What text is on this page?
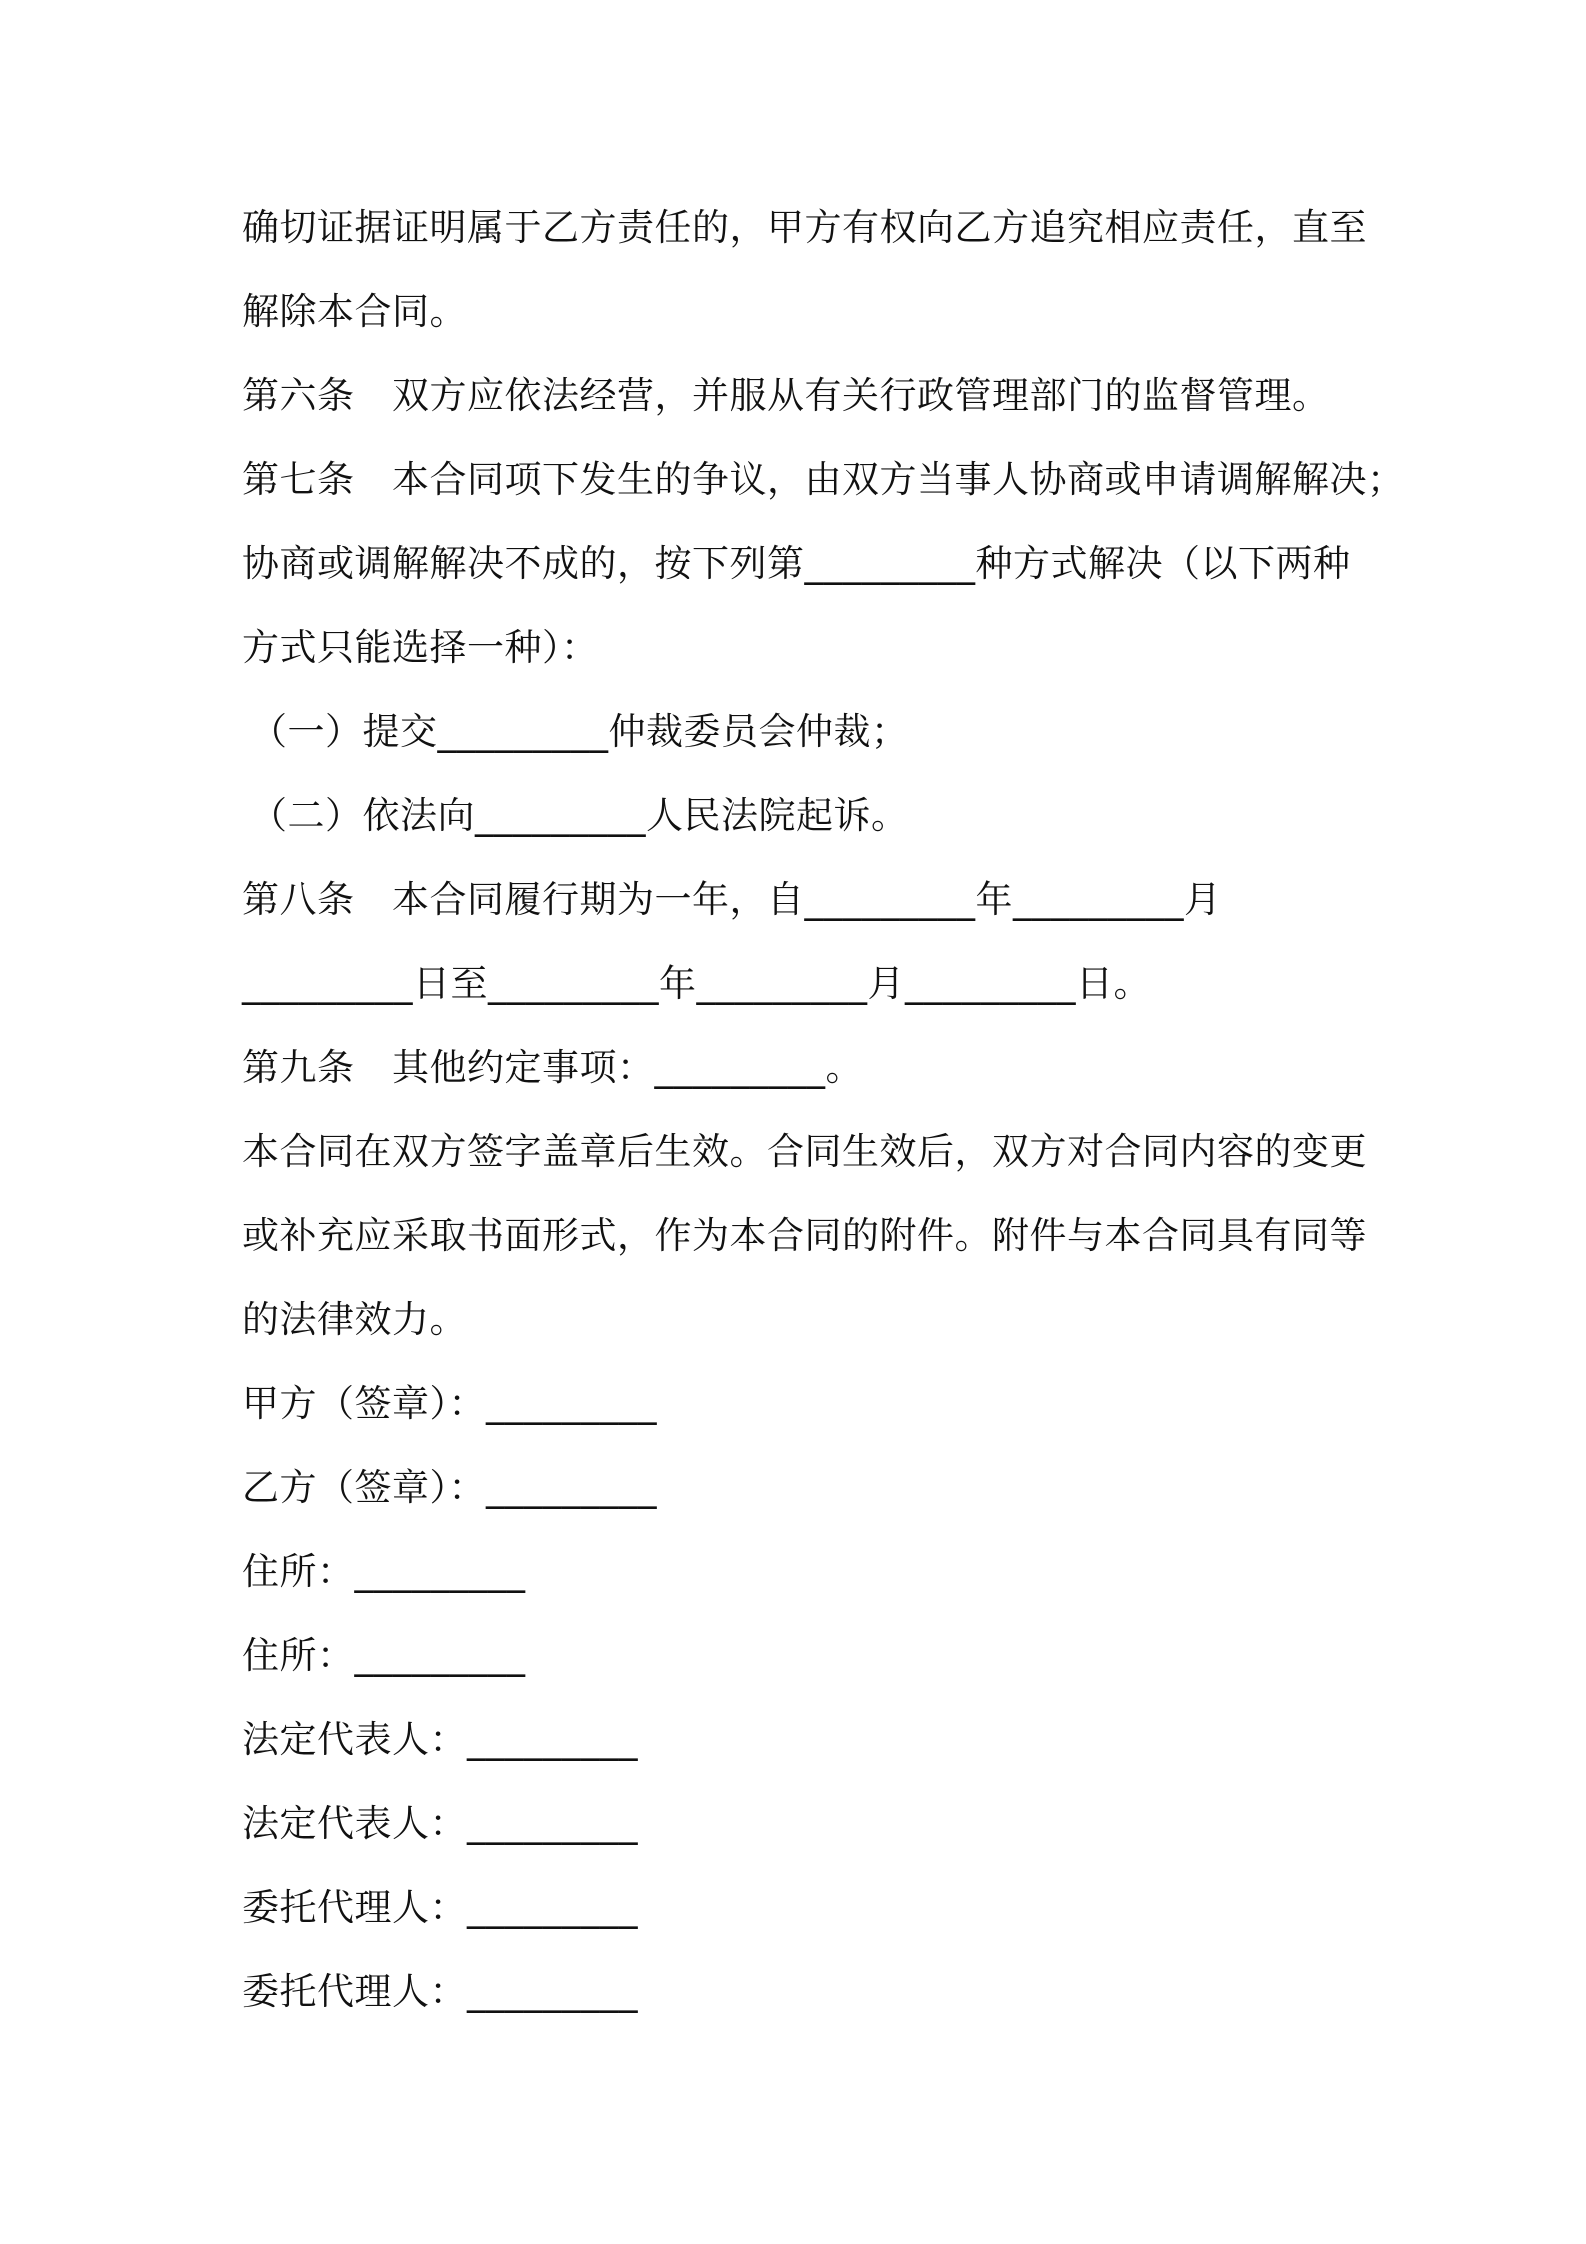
确切证据证明属于乙方责任的，甲方有权向乙方追究相应责任，直至
解除本合同。
第六条　双方应依法经营，并服从有关行政管理部门的监督管理。
第七条　本合同项下发生的争议，由双方当事人协商或申请调解解决；
协商或调解解决不成的，按下列第_________种方式解决（以下两种
方式只能选择一种）：
（一）提交_________仲裁委员会仲裁；
（二）依法向_________人民法院起诉。
第八条　本合同履行期为一年，自_________年_________月
_________日至_________年_________月_________日。
第九条　其他约定事项：_________。
本合同在双方签字盖章后生效。合同生效后，双方对合同内容的变更
或补充应采取书面形式，作为本合同的附件。附件与本合同具有同等
的法律效力。
甲方（签章）：_________
乙方（签章）：_________
住所：_________
住所：_________
法定代表人：_________
法定代表人：_________
委托代理人：_________
委托代理人：_________
